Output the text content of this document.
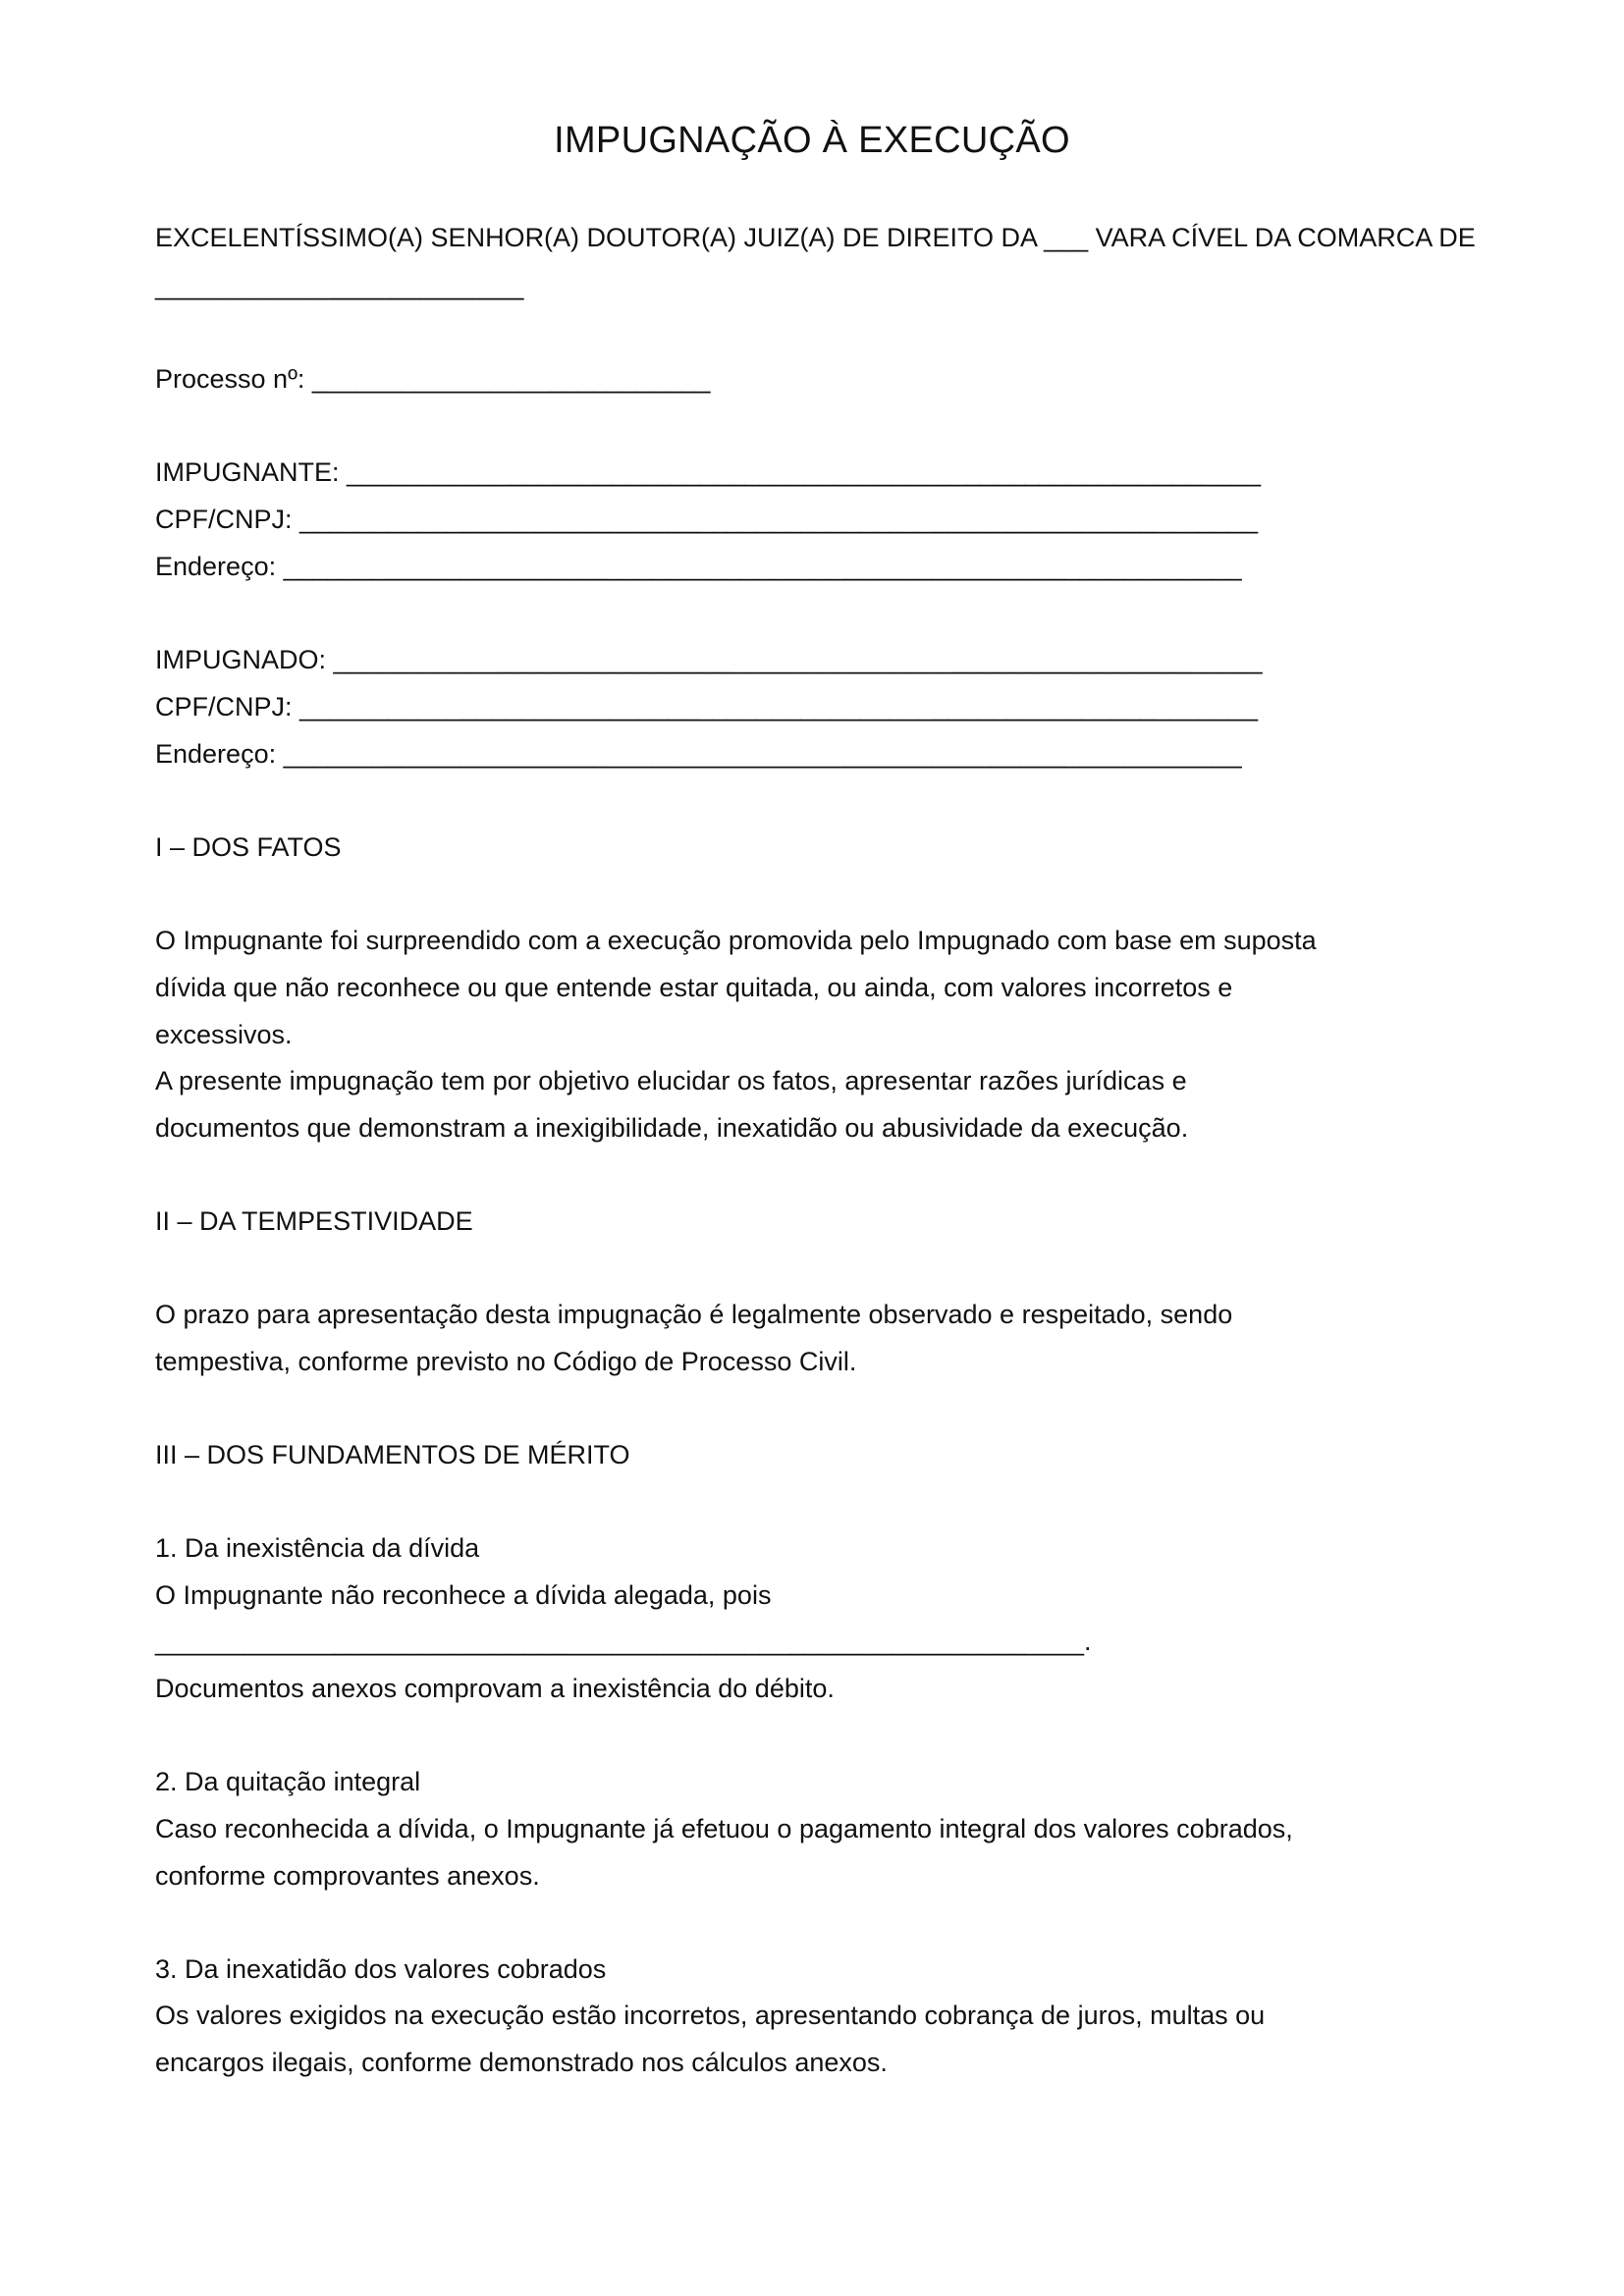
IMPUGNAÇÃO À EXECUÇÃO
EXCELENTÍSSIMO(A) SENHOR(A) DOUTOR(A) JUIZ(A) DE DIREITO DA ___ VARA CÍVEL DA COMARCA DE
_________________________
Processo nº: ___________________________
IMPUGNANTE: ______________________________________________________________
CPF/CNPJ: _________________________________________________________________
Endereço: _________________________________________________________________
IMPUGNADO: _______________________________________________________________
CPF/CNPJ: _________________________________________________________________
Endereço: _________________________________________________________________
I – DOS FATOS
O Impugnante foi surpreendido com a execução promovida pelo Impugnado com base em suposta
dívida que não reconhece ou que entende estar quitada, ou ainda, com valores incorretos e
excessivos.
A presente impugnação tem por objetivo elucidar os fatos, apresentar razões jurídicas e
documentos que demonstram a inexigibilidade, inexatidão ou abusividade da execução.
II – DA TEMPESTIVIDADE
O prazo para apresentação desta impugnação é legalmente observado e respeitado, sendo
tempestiva, conforme previsto no Código de Processo Civil.
III – DOS FUNDAMENTOS DE MÉRITO
1. Da inexistência da dívida
O Impugnante não reconhece a dívida alegada, pois
_______________________________________________________________.
Documentos anexos comprovam a inexistência do débito.
2. Da quitação integral
Caso reconhecida a dívida, o Impugnante já efetuou o pagamento integral dos valores cobrados,
conforme comprovantes anexos.
3. Da inexatidão dos valores cobrados
Os valores exigidos na execução estão incorretos, apresentando cobrança de juros, multas ou
encargos ilegais, conforme demonstrado nos cálculos anexos.
